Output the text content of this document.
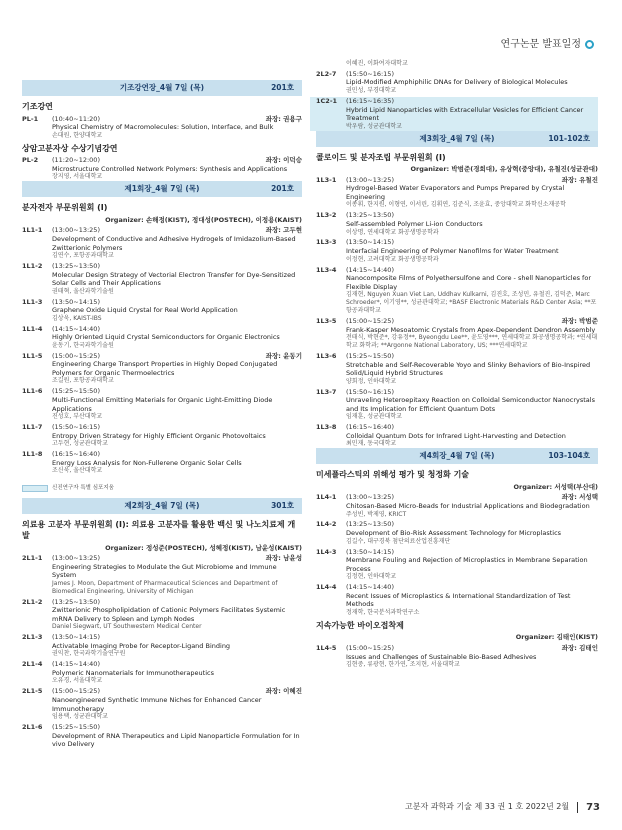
연구논문 발표일정
기조강연장_4월 7일 (목)	201호
기조강연
PL-1	(10:40~11:20)	좌장: 권용구
Physical Chemistry of Macromolecules: Solution, Interface, and Bulk
손대원, 한양대학교
상암고분자상 수상기념강연
PL-2	(11:20~12:00)	좌장: 이덕승
Microstructure Controlled Network Polymers: Synthesis and Applications
장지영, 서울대학교
제1회장_4월 7일 (목)	201호
분자전자 부문위원회 (I)
Organizer: 손해정(KIST), 정대성(POSTECH), 이정용(KAIST)
1L1-1	(13:00~13:25)	좌장: 고두현
Development of Conductive and Adhesive Hydrogels of Imidazolium-Based Zwitterionic Polymers
김연수, 포항공과대학교
1L1-2	(13:25~13:50)
Molecular Design Strategy of Vectorial Electron Transfer for Dye-Sensitized Solar Cells and Their Applications
권태혁, 울산과학기술원
1L1-3	(13:50~14:15)
Graphene Oxide Liquid Crystal for Real World Application
김상욱, KAIST-IBS
1L1-4	(14:15~14:40)
Highly Oriented Liquid Crystal Semiconductors for Organic Electronics
윤동기, 한국과학기술원
1L1-5	(15:00~15:25)	좌장: 윤동기
Engineering Charge Transport Properties in Highly Doped Conjugated Polymers for Organic Thermoelectrics
조길원, 포항공과대학교
1L1-6	(15:25~15:50)
Multi-Functional Emitting Materials for Organic Light-Emitting Diode Applications
진성호, 부산대학교
1L1-7	(15:50~16:15)
Entropy Driven Strategy for Highly Efficient Organic Photovoltaics
고두현, 성균관대학교
1L1-8	(16:15~16:40)
Energy Loss Analysis for Non-Fullerene Organic Solar Cells
조신욱, 울산대학교
신진연구자 특별 심포지움
제2회장_4월 7일 (목)	301호
의료용 고분자 부문위원회 (I): 의료용 고분자를 활용한 백신 및 나노치료제 개발
Organizer: 정성준(POSTECH), 성혜정(KIST), 남윤성(KAIST)
2L1-1	(13:00~13:25)	좌장: 남윤성
Engineering Strategies to Modulate the Gut Microbiome and Immune System
James J. Moon, Department of Pharmaceutical Sciences and Department of Biomedical Engineering, University of Michigan
2L1-2	(13:25~13:50)
Zwitterionic Phospholipidation of Cationic Polymers Facilitates Systemic mRNA Delivery to Spleen and Lymph Nodes
Daniel Siegwart, UT Southwestern Medical Center
2L1-3	(13:50~14:15)
Activatable Imaging Probe for Receptor-Ligand Binding
권익찬, 한국과학기술연구원
2L1-4	(14:15~14:40)
Polymeric Nanomaterials for Immunotherapeutics
오유경, 서울대학교
2L1-5	(15:00~15:25)	좌장: 이혜진
Nanoengineered Synthetic Immune Niches for Enhanced Cancer Immunotherapy
임용택, 성균관대학교
2L1-6	(15:25~15:50)
Development of RNA Therapeutics and Lipid Nanoparticle Formulation for In vivo Delivery
이혜진, 이화여자대학교
2L2-7	(15:50~16:15)
Lipid-Modified Amphiphilic DNAs for Delivery of Biological Molecules
권민성, 부경대학교
1C2-1	(16:15~16:35)
Hybrid Lipid Nanoparticles with Extracellular Vesicles for Efficient Cancer Treatment
박우람, 성균관대학교
제3회장_4월 7일 (목)	101-102호
콜로이드 및 분자조립 부문위원회 (I)
Organizer: 박범준(경희대), 유상혁(중앙대), 유철진(성균관대)
1L3-1	(13:00~13:25)	좌장: 유철진
Hydrogel-Based Water Evaporators and Pumps Prepared by Crystal Engineering
이종휘, 한지원, 이형연, 이서린, 김휘연, 김준식, 조윤효, 중앙대학교 화학신소재공학
1L3-2	(13:25~13:50)
Self-assembled Polymer Li-ion Conductors
이상명, 연세대학교 화공생명공학과
1L3-3	(13:50~14:15)
Interfacial Engineering of Polymer Nanofilms for Water Treatment
이정현, 고려대학교 화공생명공학과
1L3-4	(14:15~14:40)
Nanocomposite Films of Polyethersulfone and Core - shell Nanoparticles for Flexible Display
김재현, Nguyen Xuan Viet Lan, Uddhav Kulkarni, 김진호, 조성민, 유철진, 김덕준, Marc Schroeder*, 이기영**, 성균관대학교; *BASF Electronic Materials R&D Center Asia; **포항공과대학교
1L3-5	(15:00~15:25)	좌장: 박범준
Frank-Kasper Mesoatomic Crystals from Apex-Dependent Dendron Assembly
전태식, 박현준*, 강유정**, Byeongdu Lee**, 윤도영***, 연세대학교 화공생명공학과; *연세대학교 화학과; **Argonne National Laboratory, US; ***연세대학교
1L3-6	(15:25~15:50)
Stretchable and Self-Recoverable Yoyo and Slinky Behaviors of Bio-Inspired Solid/Liquid Hybrid Structures
양회정, 인하대학교
1L3-7	(15:50~16:15)
Unraveling Heteroepitaxy Reaction on Colloidal Semiconductor Nanocrystals and Its Implication for Efficient Quantum Dots
임재훈, 성균관대학교
1L3-8	(16:15~16:40)
Colloidal Quantum Dots for Infrared Light-Harvesting and Detection
최민재, 동국대학교
제4회장_4월 7일 (목)	103-104호
미세플라스틱의 위해성 평가 및 청정화 기술
Organizer: 서성택(부산대)
1L4-1	(13:00~13:25)	좌장: 서성택
Chitosan-Based Micro-Beads for Industrial Applications and Biodegradation
주성빈, 박제영, KRICT
1L4-2	(13:25~13:50)
Development of Bio-Risk Assessment Technology for Microplastics
김길수, 대구경북 첨단의료산업진흥재단
1L4-3	(13:50~14:15)
Membrane Fouling and Rejection of Microplastics in Membrane Separation Process
김정현, 인하대학교
1L4-4	(14:15~14:40)
Recent Issues of Microplastics & International Standardization of Test Methods
정재학, 한국분석과학연구소
지속가능한 바이오접착제
Organizer: 김태인(KIST)
1L4-5	(15:00~15:25)	좌장: 김태인
Issues and Challenges of Sustainable Bio-Based Adhesives
김현중, 류광현, 한가연, 조지현, 서울대학교
고분자 과학과 기술 제 33 권 1 호 2022년 2월 73
